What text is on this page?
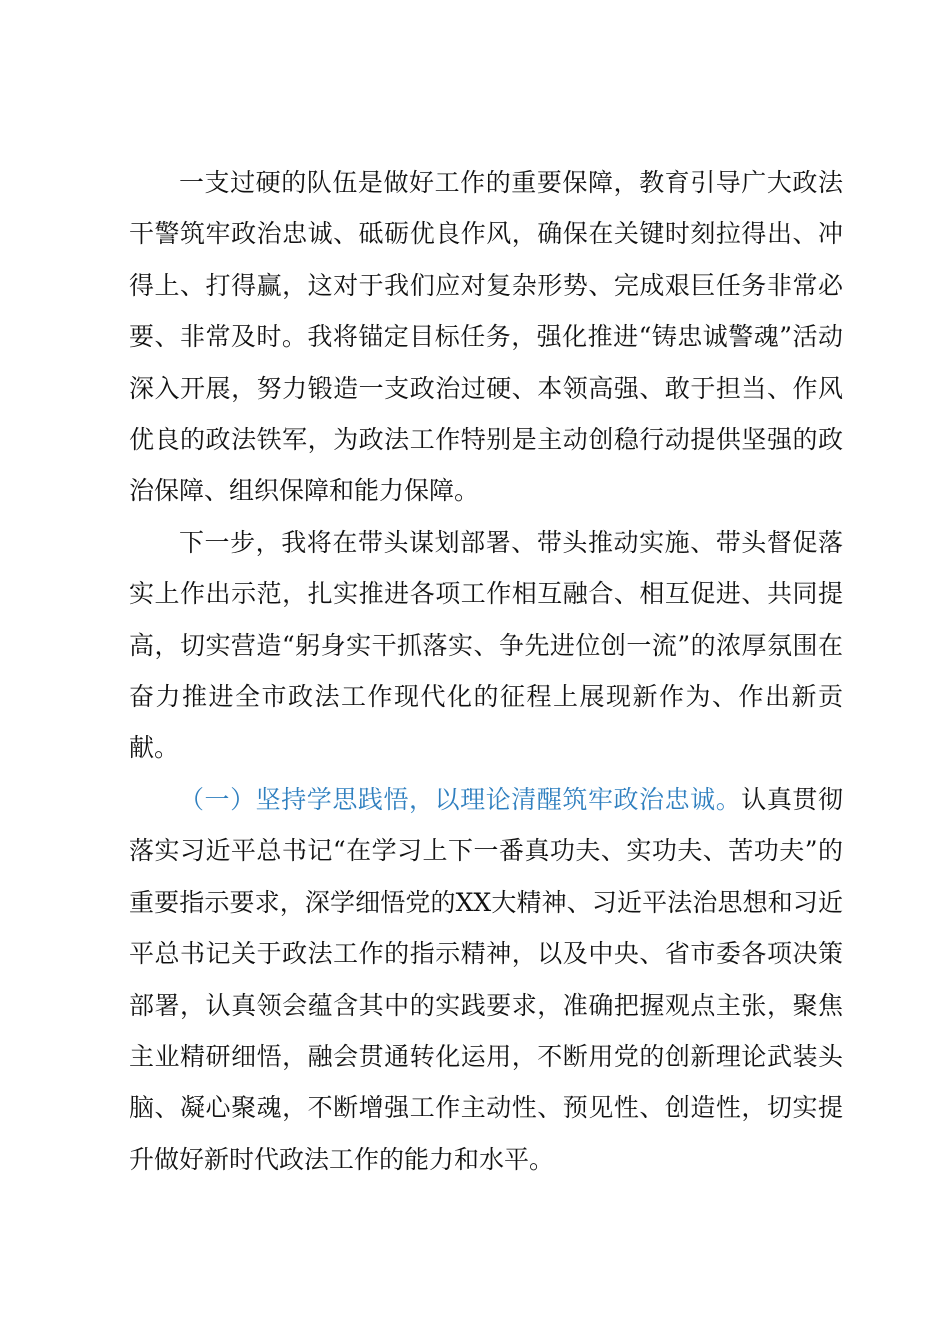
一支过硬的队伍是做好工作的重要保障，教育引导广大政法干警筑牢政治忠诚、砥砺优良作风，确保在关键时刻拉得出、冲得上、打得赢，这对于我们应对复杂形势、完成艰巨任务非常必要、非常及时。我将锚定目标任务，强化推进“铸忠诚警魂”活动深入开展，努力锻造一支政治过硬、本领高强、敢于担当、作风优良的政法铁军，为政法工作特别是主动创稳行动提供坚强的政治保障、组织保障和能力保障。

下一步，我将在带头谋划部署、带头推动实施、带头督促落实上作出示范，扎实推进各项工作相互融合、相互促进、共同提高，切实营造“躬身实干抓落实、争先进位创一流”的浓厚氛围在奋力推进全市政法工作现代化的征程上展现新作为、作出新贡献。

（一）坚持学思践悟，以理论清醒筑牢政治忠诚。认真贯彻落实习近平总书记“在学习上下一番真功夫、实功夫、苦功夫”的重要指示要求，深学细悟党的XX大精神、习近平法治思想和习近平总书记关于政法工作的指示精神，以及中央、省市委各项决策部署，认真领会蕴含其中的实践要求，准确把握观点主张，聚焦主业精研细悟，融会贯通转化运用，不断用党的创新理论武装头脑、凝心聚魂，不断增强工作主动性、预见性、创造性，切实提升做好新时代政法工作的能力和水平。
